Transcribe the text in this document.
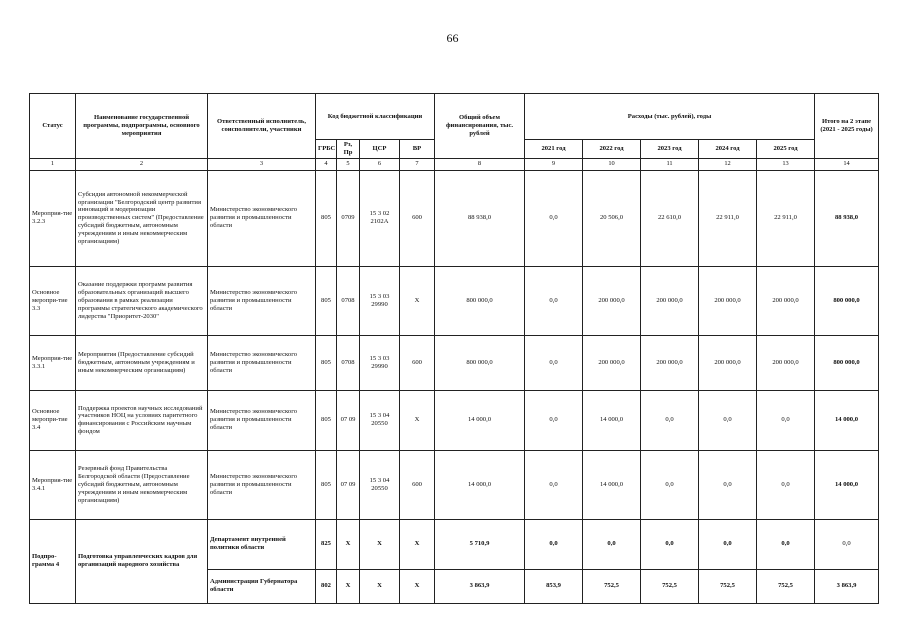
66
Статус	Наименование государственной программы, подпрограммы, основного мероприятия	Ответственный исполнитель, соисполнители, участники	Код бюджетной классификации				Общий объем финансирования, тыс. рублей	Расходы (тыс. рублей), годы					Итого на 2 этапе (2021 - 2025 годы)
			ГРБС	Рз, Пр	ЦСР	ВР		2021 год	2022 год	2023 год	2024 год	2025 год	
1	2	3	4	5	6	7	8	9	10	11	12	13	14
Мероприя-тие 3.2.3	Субсидия автономной некоммерческой организации "Белгородский центр развития инноваций и модернизации производственных систем" (Предоставление субсидий бюджетным, автономным учреждениям и иным некоммерческим организациям)	Министерство экономического развития и промышленности области	805	0709	15 3 02 2102А	600	88 938,0	0,0	20 506,0	22 610,0	22 911,0	22 911,0	88 938,0
Основное меропри-тие 3.3	Оказание поддержки программ развития образовательных организаций высшего образования в рамках реализации программы стратегического академического лидерства "Приоритет-2030"	Министерство экономического развития и промышленности области	805	0708	15 3 03 29990	Х	800 000,0	0,0	200 000,0	200 000,0	200 000,0	200 000,0	800 000,0
Мероприя-тие 3.3.1	Мероприятия (Предоставление субсидий бюджетным, автономным учреждениям и иным некоммерческим организациям)	Министерство экономического развития и промышленности области	805	0708	15 3 03 29990	600	800 000,0	0,0	200 000,0	200 000,0	200 000,0	200 000,0	800 000,0
Основное меропри-тие 3.4	Поддержка проектов научных исследований участников НОЦ на условиях паритетного финансирования с Российским научным фондом	Министерство экономического развития и промышленности области	805	07 09	15 3 04 20550	Х	14 000,0	0,0	14 000,0	0,0	0,0	0,0	14 000,0
Мероприя-тие 3.4.1	Резервный фонд Правительства Белгородской области (Предоставление субсидий бюджетным, автономным учреждениям и иным некоммерческим организациям)	Министерство экономического развития и промышленности области	805	07 09	15 3 04 20550	600	14 000,0	0,0	14 000,0	0,0	0,0	0,0	14 000,0
Подпро-грамма 4	Подготовка управленческих кадров для организаций народного хозяйства	Департамент внутренней политики области	825	Х	Х	Х	5 710,9	0,0	0,0	0,0	0,0	0,0	0,0
		Администрация Губернатора области	802	Х	Х	Х	3 863,9	853,9	752,5	752,5	752,5	752,5	3 863,9
